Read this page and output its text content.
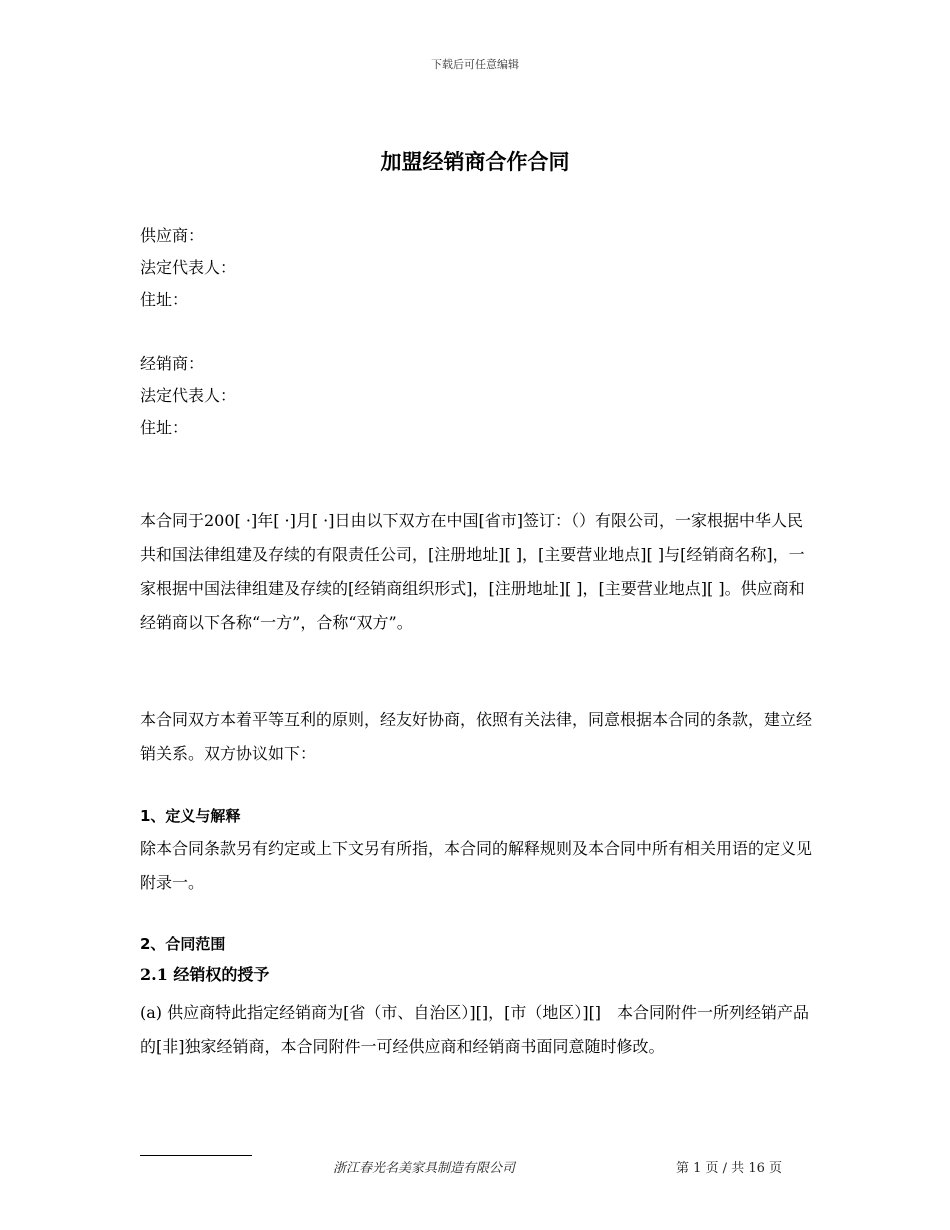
下载后可任意编辑
加盟经销商合作合同
供应商：
法定代表人：
住址：
经销商：
法定代表人：
住址：

本合同于200[ ·]年[ ·]月[ ·]日由以下双方在中国[省市]签订：（）有限公司，一家根据中华人民共和国法律组建及存续的有限责任公司，[注册地址][ ]，[主要营业地点][ ]与[经销商名称]，一家根据中国法律组建及存续的[经销商组织形式]，[注册地址][ ]，[主要营业地点][ ]。供应商和经销商以下各称“一方”，合称“双方”。

本合同双方本着平等互利的原则，经友好协商，依照有关法律，同意根据本合同的条款，建立经销关系。双方协议如下：

1、定义与解释

除本合同条款另有约定或上下文另有所指，本合同的解释规则及本合同中所有相关用语的定义见附录一。

2、合同范围
2.1 经销权的授予

(a) 供应商特此指定经销商为[省（市、自治区）][]，[市（地区）][]　本合同附件一所列经销产品的[非]独家经销商，本合同附件一可经供应商和经销商书面同意随时修改。

浙江春光名美家具制造有限公司	第 1 页 / 共 16 页
